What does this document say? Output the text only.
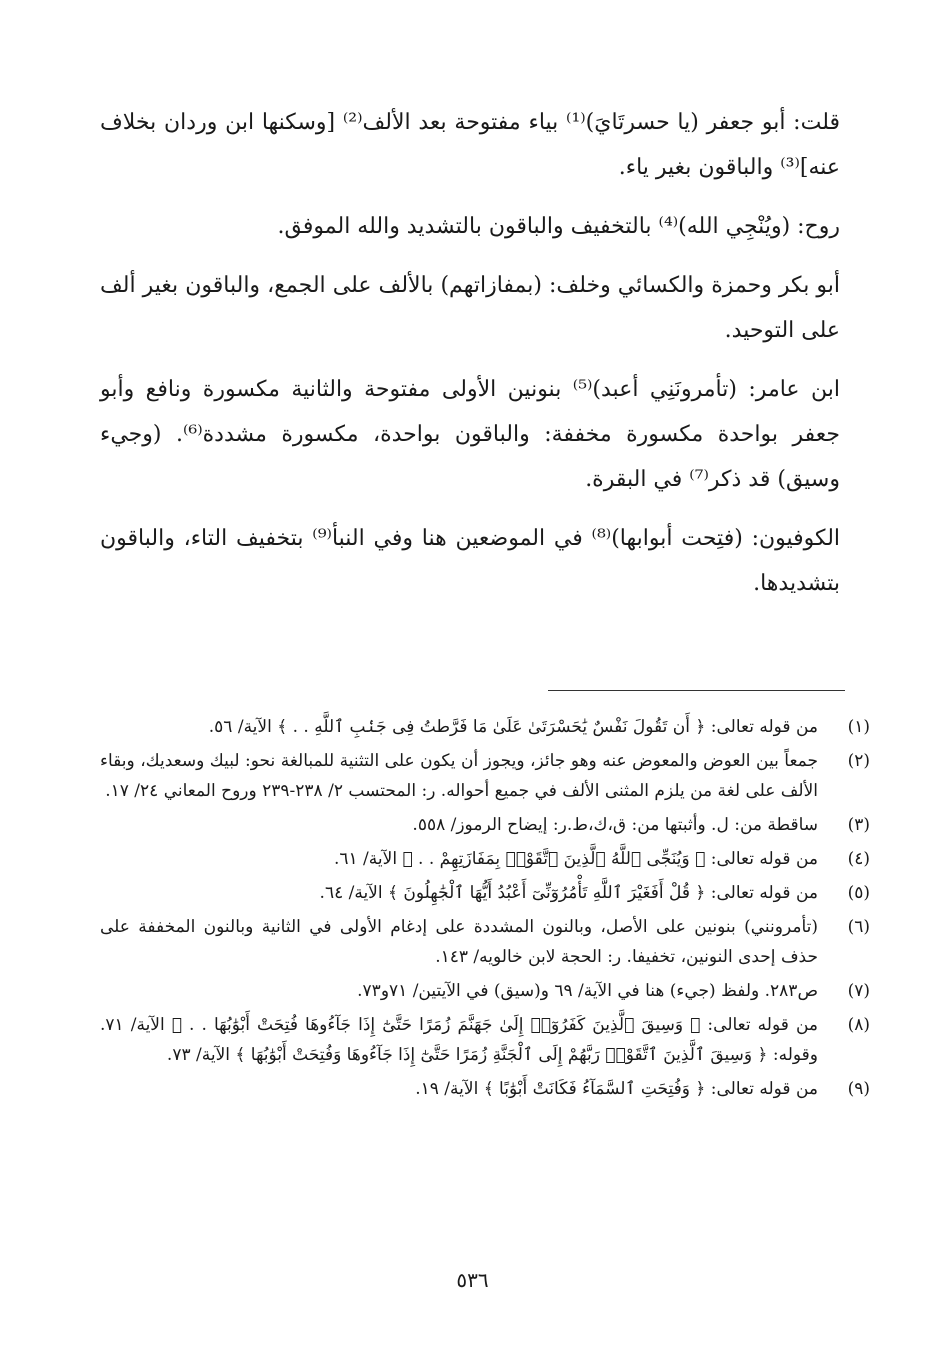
قلت: أبو جعفر (يا حسرتَايَ)⁽¹⁾ بياء مفتوحة بعد الألف⁽²⁾ [وسكنها ابن وردان بخلاف عنه]⁽³⁾ والباقون بغير ياء.

روح: (ويُنْجِي الله)⁽⁴⁾ بالتخفيف والباقون بالتشديد والله الموفق.

أبو بكر وحمزة والكسائي وخلف: (بمفازاتهم) بالألف على الجمع، والباقون بغير ألف على التوحيد.

ابن عامر: (تأمرونَنِي أعبد)⁽⁵⁾ بنونين الأولى مفتوحة والثانية مكسورة ونافع وأبو جعفر بواحدة مكسورة مخففة: والباقون بواحدة، مكسورة مشددة⁽⁶⁾. (وجيء وسيق) قد ذكر⁽⁷⁾ في البقرة.

الكوفيون: (فتِحت أبوابها)⁽⁸⁾ في الموضعين هنا وفي النبأ⁽⁹⁾ بتخفيف التاء، والباقون بتشديدها.

(١)
من قوله تعالى: ﴿ أَن تَقُولَ نَفْسٌ يَٰحَسْرَتَىٰ عَلَىٰ مَا فَرَّطتُ فِى جَنۢبِ ٱللَّهِ . . ﴾ الآية/ ٥٦.
(٢)
جمعاً بين العوض والمعوض عنه وهو جائز، ويجوز أن يكون على التثنية للمبالغة نحو: لبيك وسعديك، وبقاء الألف على لغة من يلزم المثنى الألف في جميع أحواله. ر: المحتسب ٢/ ٢٣٨-٢٣٩ وروح المعاني ٢٤/ ١٧.
(٣)
ساقطة من: ل. وأثبتها من: ق،ك،ط.ر: إيضاح الرموز/ ٥٥٨.
(٤)
من قوله تعالى: ﴿ وَيُنَجِّى ٱللَّهُ ٱلَّذِينَ ٱتَّقَوْا۟ بِمَفَازَتِهِمْ . . ﴾ الآية/ ٦١.
(٥)
من قوله تعالى: ﴿ قُلْ أَفَغَيْرَ ٱللَّهِ تَأْمُرُوٓنِّىٓ أَعْبُدُ أَيُّهَا ٱلْجَٰهِلُونَ ﴾ الآية/ ٦٤.
(٦)
(تأمرونني) بنونين على الأصل، وبالنون المشددة على إدغام الأولى في الثانية وبالنون المخففة على حذف إحدى النونين، تخفيفا. ر: الحجة لابن خالويه/ ١٤٣.
(٧)
ص٢٨٣. ولفظ (جيء) هنا في الآية/ ٦٩ و(سيق) في الآيتين/ ٧١و٧٣.
(٨)
من قوله تعالى: ﴿ وَسِيقَ ٱلَّذِينَ كَفَرُوٓا۟ إِلَىٰ جَهَنَّمَ زُمَرًا حَتَّىٰٓ إِذَا جَآءُوهَا فُتِحَتْ أَبْوَٰبُهَا . . ﴾ الآية/ ٧١. وقوله: ﴿ وَسِيقَ ٱلَّذِينَ ٱتَّقَوْا۟ رَبَّهُمْ إِلَى ٱلْجَنَّةِ زُمَرًا حَتَّىٰٓ إِذَا جَآءُوهَا وَفُتِحَتْ أَبْوَٰبُهَا ﴾ الآية/ ٧٣.
(٩)
من قوله تعالى: ﴿ وَفُتِحَتِ ٱلسَّمَآءُ فَكَانَتْ أَبْوَٰبًا ﴾ الآية/ ١٩.
٥٣٦
